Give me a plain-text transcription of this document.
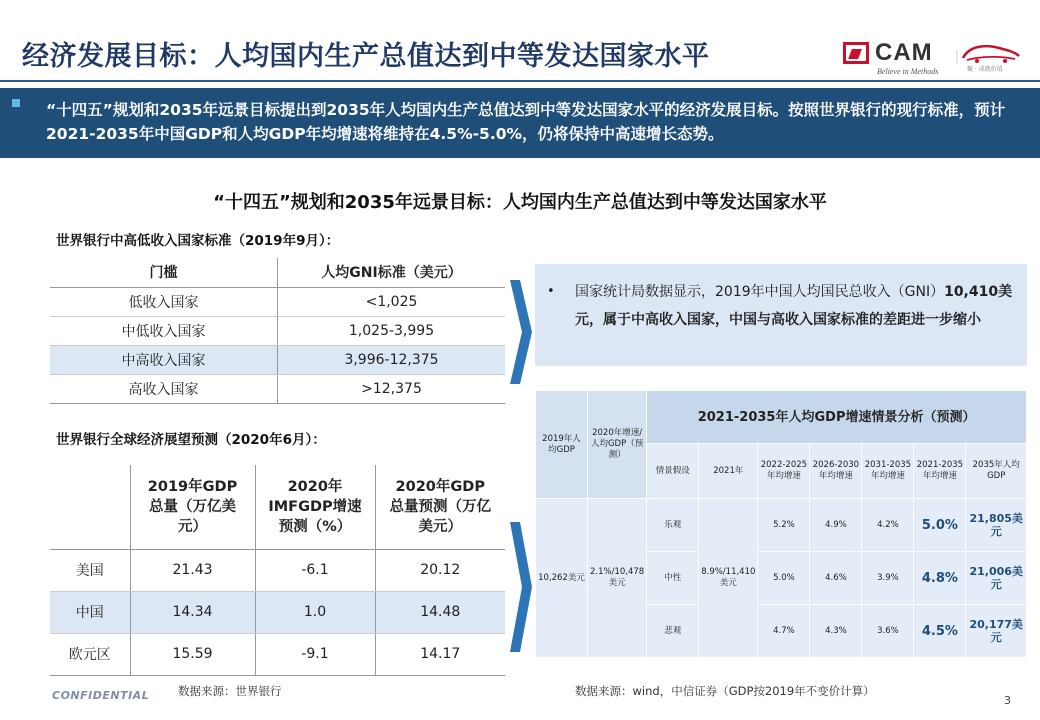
经济发展目标：人均国内生产总值达到中等发达国家水平	CAM
Believe in Methods	聚 · 成就价值
“十四五”规划和2035年远景目标提出到2035年人均国内生产总值达到中等发达国家水平的经济发展目标。按照世界银行的现行标准，预计2021-2035年中国GDP和人均GDP年均增速将维持在4.5%-5.0%，仍将保持中高速增长态势。
“十四五”规划和2035年远景目标：人均国内生产总值达到中等发达国家水平
世界银行中高低收入国家标准（2019年9月）：
门槛	人均GNI标准（美元）
低收入国家	<1,025
中低收入国家	1,025-3,995
中高收入国家	3,996-12,375
高收入国家	>12,375
世界银行全球经济展望预测（2020年6月）：
	2019年GDP总量（万亿美元）	2020年IMFGDP增速预测（%）	2020年GDP总量预测（万亿美元）
美国	21.43	-6.1	20.12
中国	14.34	1.0	14.48
欧元区	15.59	-9.1	14.17
• 国家统计局数据显示，2019年中国人均国民总收入（GNI）10,410美元，属于中高收入国家，中国与高收入国家标准的差距进一步缩小
2019年人均GDP	2020年增速/人均GDP（预测）	2021-2035年人均GDP增速情景分析（预测）						
		情景假设	2021年	2022-2025年均增速	2026-2030年均增速	2031-2035年均增速	2021-2035年均增速	2035年人均GDP
10,262美元	2.1%/10,478美元	乐观	8.9%/11,410美元	5.2%	4.9%	4.2%	5.0%	21,805美元
		中性		5.0%	4.6%	3.9%	4.8%	21,006美元
		悲观		4.7%	4.3%	3.6%	4.5%	20,177美元
CONFIDENTIAL	数据来源：世界银行	数据来源：wind，中信证券（GDP按2019年不变价计算）
3
